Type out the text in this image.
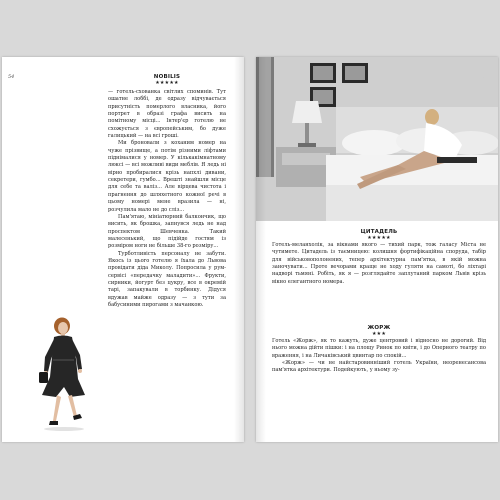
54	NOBILIS
★★★★★

— готель-схованка світлих споминів. Тут ошатне лоббі, де одразу відчувається присутність померлого власника, його портрет в образі графа висить на помітному місці... Інтер'єр готелю не схожується з європейським, бо дуже галицький — на всі гроші.

Ми броновали з коханим номер на чуже прізвище, а потім різними ліфтами піднімалися у номер. У кількакімнатному люксі — всі можливі види меблів. Я ледь ні вірно пробиралися крізь напхлі дивани, секретери, гумбо... Врешті знайшли місце для себе та валіз... Але вірцева чистота і прагнення до шляхетного кожної речі в цьому номері мене вразила — ні, розчулила мало не до сліз...

Пам'ятаю, мініатюрний балкончик, що висить, як брошка, запнувся ледь не над проспектом Шевченка. Такий малесенький, що підійде гостям із розміром ноги не більше 38-го розміру...

Турботливість персоналу не забути. Якось із цього готелю я їхала до Львова провідати діда Миколу. Попросила у рум-сервісі «передачку маладити»... Фрукти, сирники, йогурт без цукру, все в окремій тарі, запакували в торбинку. Дідуся вдужав майже одразу — з тути за бабусиними пирогами з мачанкою.

55
ЦИТАДЕЛЬ
★★★★★

Готель-меланхолік, за вікнами якого — тихий парк, тож галасу Міста не чутимете. Цитадель із таємницею: колишня фортифікаційна споруда, табір для військовополонених, тепер архітектурна пам'ятка, в якій можна заночувати... Проте вечорами краще не ходу гуляти на самоті, бо ліхтарі надворі тьмяні. Робіть, як я — розглядайте заплутаний парком Львів крізь вікно елегантного номера.

ЖОРЖ
★★★

Готель «Жорж», як то кажуть, дуже центровий і відносно не дорогий. Від нього можна дійти пішки: і на площу Ринок по квіти, і до Оперного театру по враження, і на Личаківський цвинтар по спокій...

«Жорж» — чи не найстаровинніший готель України, неоренесансова пам'ятка архітектури. Подейкують, у ньому зу-
